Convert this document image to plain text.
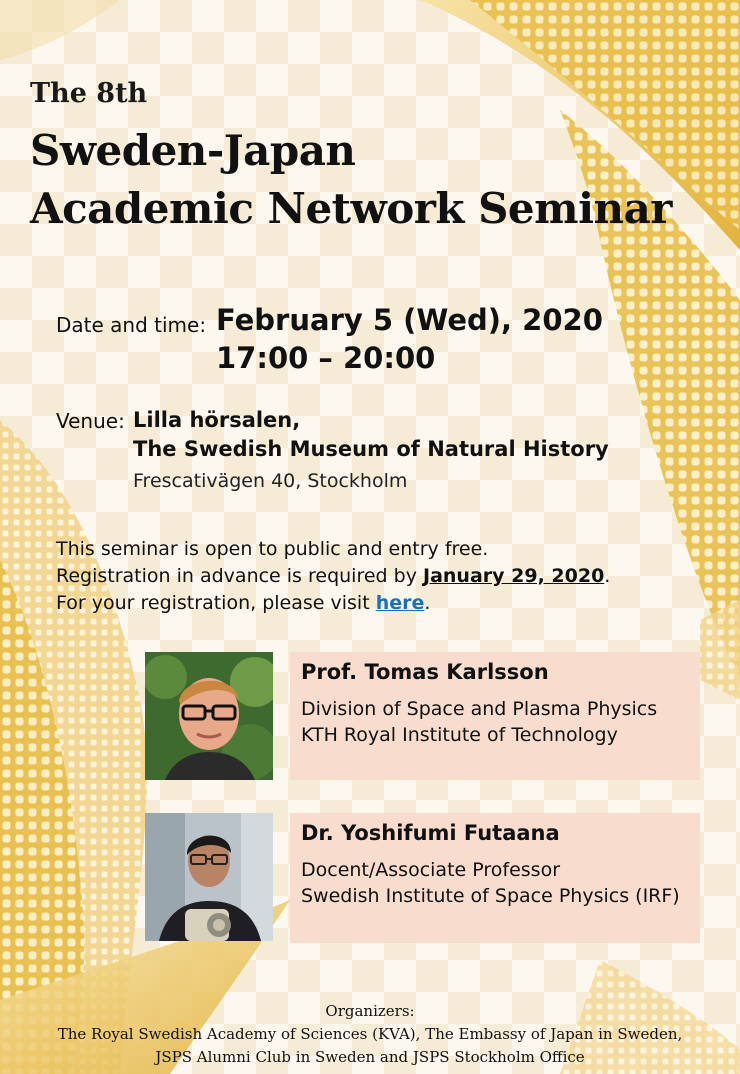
The 8th
Sweden-Japan
Academic Network Seminar
Date and time: February 5 (Wed), 2020
17:00 – 20:00
Venue: Lilla hörsalen,
The Swedish Museum of Natural History
Frescativägen 40, Stockholm
This seminar is open to public and entry free.
Registration in advance is required by January 29, 2020.
For your registration, please visit here.
Prof. Tomas Karlsson
Division of Space and Plasma Physics
KTH Royal Institute of Technology
Dr. Yoshifumi Futaana
Docent/Associate Professor
Swedish Institute of Space Physics (IRF)
Organizers:
The Royal Swedish Academy of Sciences (KVA), The Embassy of Japan in Sweden,
JSPS Alumni Club in Sweden and JSPS Stockholm Office
